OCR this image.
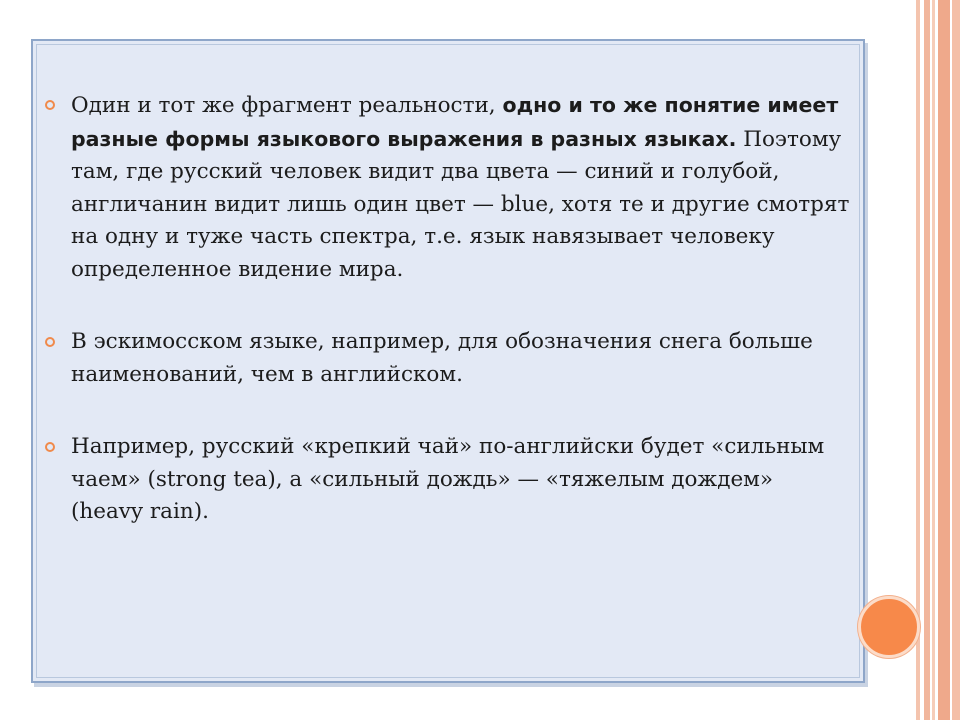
Один и тот же фрагмент реальности, одно и то же понятие имеет разные формы языкового выражения в разных языках. Поэтому там, где русский человек видит два цвета — синий и голубой, англичанин видит лишь один цвет — blue, хотя те и другие смотрят на одну и туже часть спектра, т.е. язык навязывает человеку определенное видение мира.
В эскимосском языке, например, для обозначения снега больше наименований, чем в английском.
Например, русский «крепкий чай» по-английски будет «сильным чаем» (strong tea), а «сильный дождь» — «тяжелым дождем» (heavy rain).
